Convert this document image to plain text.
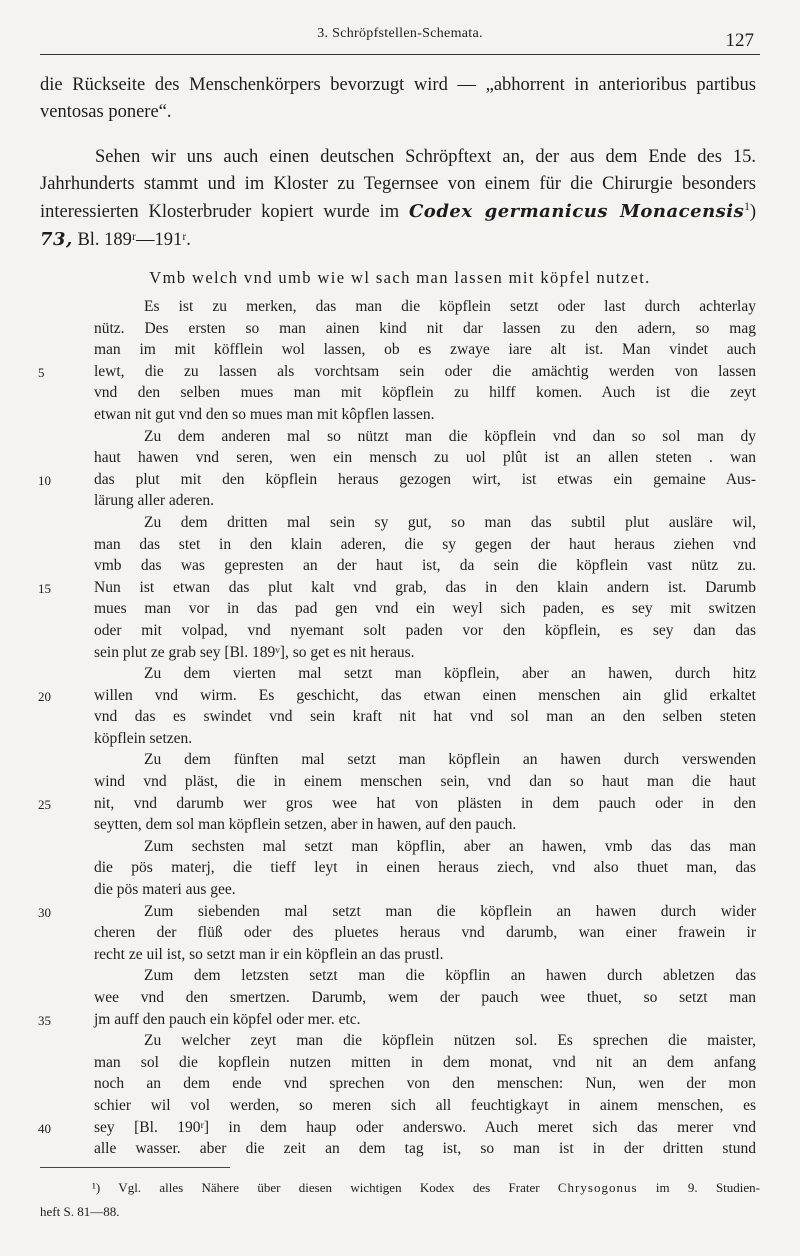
3. Schröpfstellen-Schemata.	127

die Rückseite des Menschenkörpers bevorzugt wird — „abhorrent in anterioribus partibus ventosas ponere“.

Sehen wir uns auch einen deutschen Schröpftext an, der aus dem Ende des 15. Jahrhunderts stammt und im Kloster zu Tegernsee von einem für die Chirurgie besonders interessierten Klosterbruder kopiert wurde im Codex germanicus Monacensis$^1$) 73, Bl. 189ʳ—191ʳ.

Vmb welch vnd umb wie wl sach man lassen mit köpfel nutzet.
Es ist zu merken, das man die köpflein setzt oder last durch achterlay
nütz. Des ersten so man ainen kind nit dar lassen zu den adern, so mag
man im mit köfflein wol lassen, ob es zwaye iare alt ist. Man vindet auch
5	lewt, die zu lassen als vorchtsam sein oder die amächtig werden von lassen
vnd den selben mues man mit köpflein zu hilff komen. Auch ist die zeyt
etwan nit gut vnd den so mues man mit kôpflen lassen.
Zu dem anderen mal so nützt man die köpflein vnd dan so sol man dy
haut hawen vnd seren, wen ein mensch zu uol plût ist an allen steten . wan
10	das plut mit den köpflein heraus gezogen wirt, ist etwas ein gemaine Aus-
lärung aller aderen.
Zu dem dritten mal sein sy gut, so man das subtil plut ausläre wil,
man das stet in den klain aderen, die sy gegen der haut heraus ziehen vnd
vmb das was gepresten an der haut ist, da sein die köpflein vast nütz zu.
15	Nun ist etwan das plut kalt vnd grab, das in den klain andern ist. Darumb
mues man vor in das pad gen vnd ein weyl sich paden, es sey mit switzen
oder mit volpad, vnd nyemant solt paden vor den köpflein, es sey dan das
sein plut ze grab sey [Bl. 189ᵛ], so get es nit heraus.
Zu dem vierten mal setzt man köpflein, aber an hawen, durch hitz
20	willen vnd wirm. Es geschicht, das etwan einen menschen ain glid erkaltet
vnd das es swindet vnd sein kraft nit hat vnd sol man an den selben steten
köpflein setzen.
Zu dem fünften mal setzt man köpflein an hawen durch verswenden
wind vnd pläst, die in einem menschen sein, vnd dan so haut man die haut
25	nit, vnd darumb wer gros wee hat von plästen in dem pauch oder in den
seytten, dem sol man köpflein setzen, aber in hawen, auf den pauch.
Zum sechsten mal setzt man köpflin, aber an hawen, vmb das das man
die pös materj, die tieff leyt in einen heraus ziech, vnd also thuet man, das
die pös materi aus gee.
30	Zum siebenden mal setzt man die köpflein an hawen durch wider
cheren der flüß oder des pluetes heraus vnd darumb, wan einer frawein ir
recht ze uil ist, so setzt man ir ein köpflein an das prustl.
Zum dem letzsten setzt man die köpflin an hawen durch abletzen das
wee vnd den smertzen. Darumb, wem der pauch wee thuet, so setzt man
35	jm auff den pauch ein köpfel oder mer. etc.
Zu welcher zeyt man die köpflein nützen sol. Es sprechen die maister,
man sol die kopflein nutzen mitten in dem monat, vnd nit an dem anfang
noch an dem ende vnd sprechen von den menschen: Nun, wen der mon
schier wil vol werden, so meren sich all feuchtigkayt in ainem menschen, es
40	sey [Bl. 190ʳ] in dem haup oder anderswo. Auch meret sich das merer vnd
alle wasser. aber die zeit an dem tag ist, so man ist in der dritten stund
¹) Vgl. alles Nähere über diesen wichtigen Kodex des Frater Chrysogonus im 9. Studien-
heft S. 81—88.
